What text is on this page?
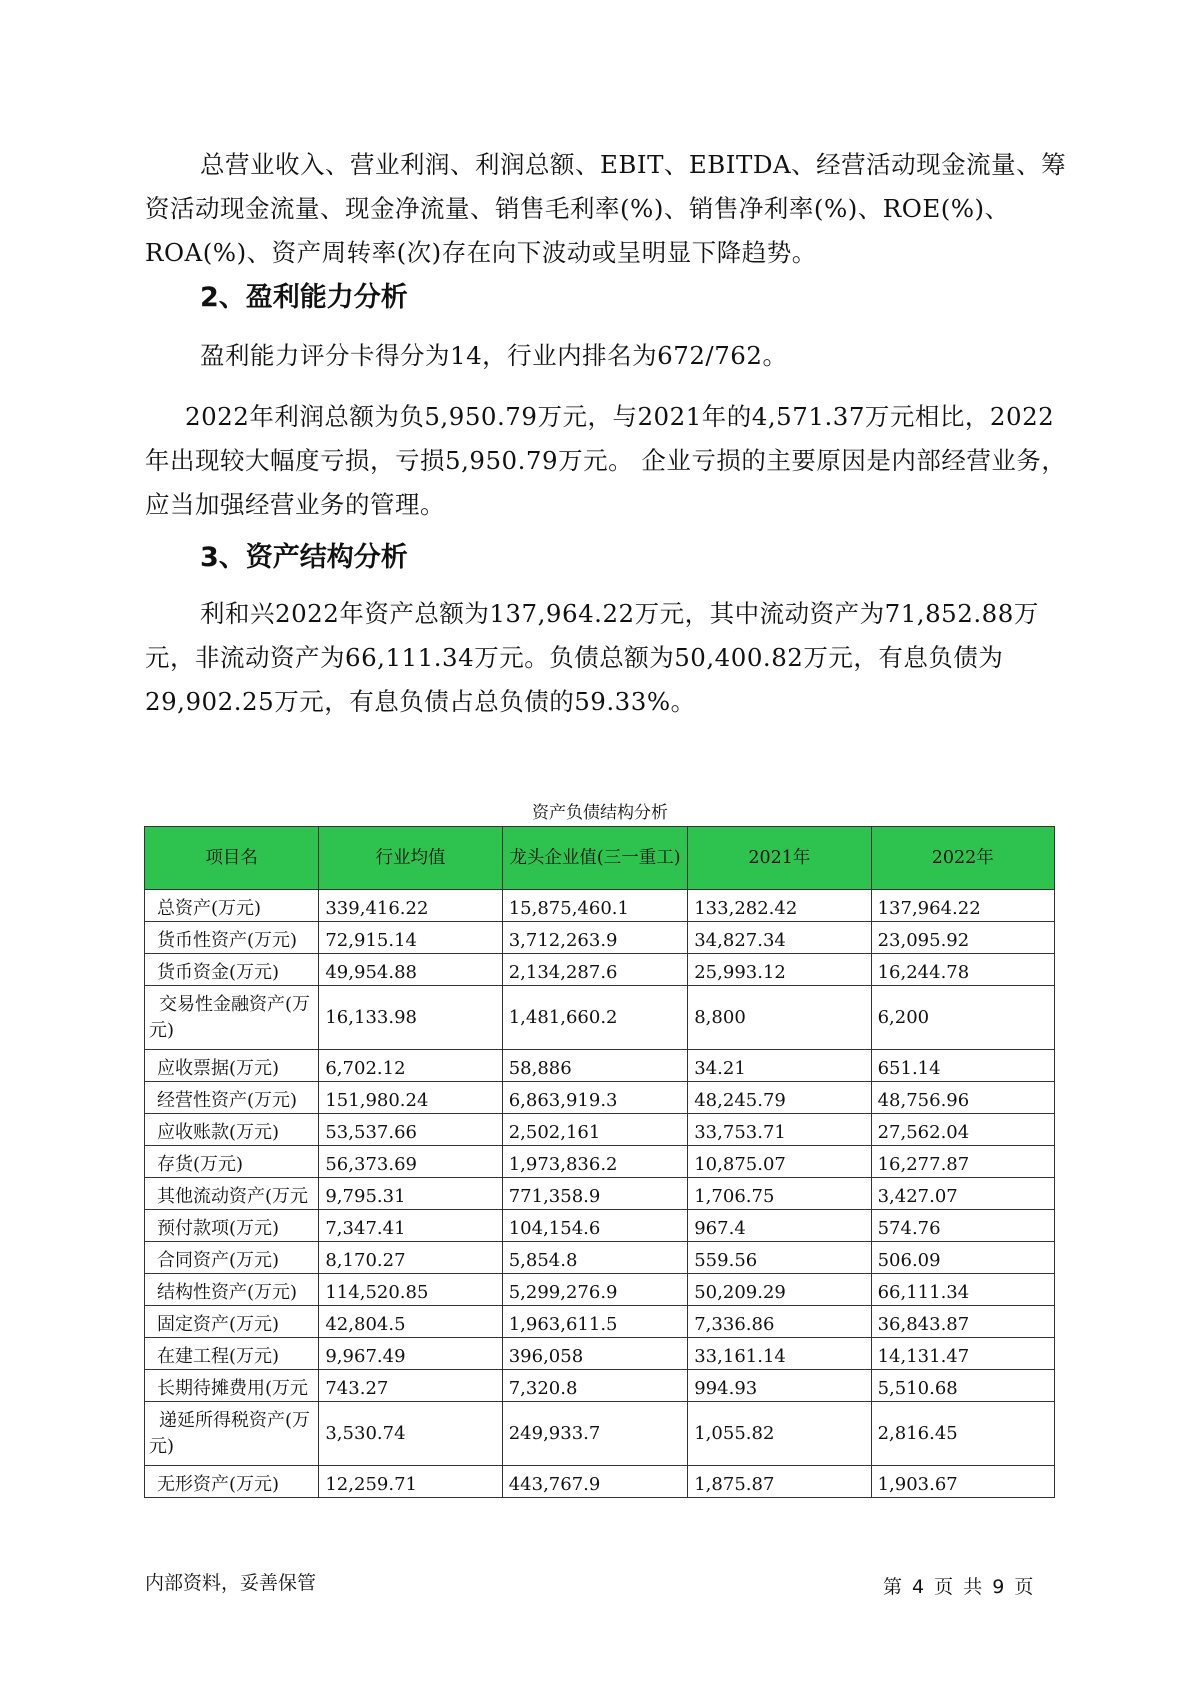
总营业收入、营业利润、利润总额、EBIT、EBITDA、经营活动现金流量、筹资活动现金流量、现金净流量、销售毛利率(%)、销售净利率(%)、ROE(%)、ROA(%)、资产周转率(次)存在向下波动或呈明显下降趋势。

2、盈利能力分析

盈利能力评分卡得分为14，行业内排名为672/762。

2022年利润总额为负5,950.79万元，与2021年的4,571.37万元相比，2022年出现较大幅度亏损，亏损5,950.79万元。 企业亏损的主要原因是内部经营业务，应当加强经营业务的管理。

3、资产结构分析

利和兴2022年资产总额为137,964.22万元，其中流动资产为71,852.88万元，非流动资产为66,111.34万元。负债总额为50,400.82万元，有息负债为29,902.25万元，有息负债占总负债的59.33%。

资产负债结构分析
项目名	行业均值	龙头企业值(三一重工)	2021年	2022年
总资产(万元)	339,416.22	15,875,460.1	133,282.42	137,964.22
货币性资产(万元)	72,915.14	3,712,263.9	34,827.34	23,095.92
货币资金(万元)	49,954.88	2,134,287.6	25,993.12	16,244.78
交易性金融资产(万元)	16,133.98	1,481,660.2	8,800	6,200
应收票据(万元)	6,702.12	58,886	34.21	651.14
经营性资产(万元)	151,980.24	6,863,919.3	48,245.79	48,756.96
应收账款(万元)	53,537.66	2,502,161	33,753.71	27,562.04
存货(万元)	56,373.69	1,973,836.2	10,875.07	16,277.87
其他流动资产(万元	9,795.31	771,358.9	1,706.75	3,427.07
预付款项(万元)	7,347.41	104,154.6	967.4	574.76
合同资产(万元)	8,170.27	5,854.8	559.56	506.09
结构性资产(万元)	114,520.85	5,299,276.9	50,209.29	66,111.34
固定资产(万元)	42,804.5	1,963,611.5	7,336.86	36,843.87
在建工程(万元)	9,967.49	396,058	33,161.14	14,131.47
长期待摊费用(万元	743.27	7,320.8	994.93	5,510.68
递延所得税资产(万元)	3,530.74	249,933.7	1,055.82	2,816.45
无形资产(万元)	12,259.71	443,767.9	1,875.87	1,903.67
内部资料，妥善保管	第 4 页 共 9 页
